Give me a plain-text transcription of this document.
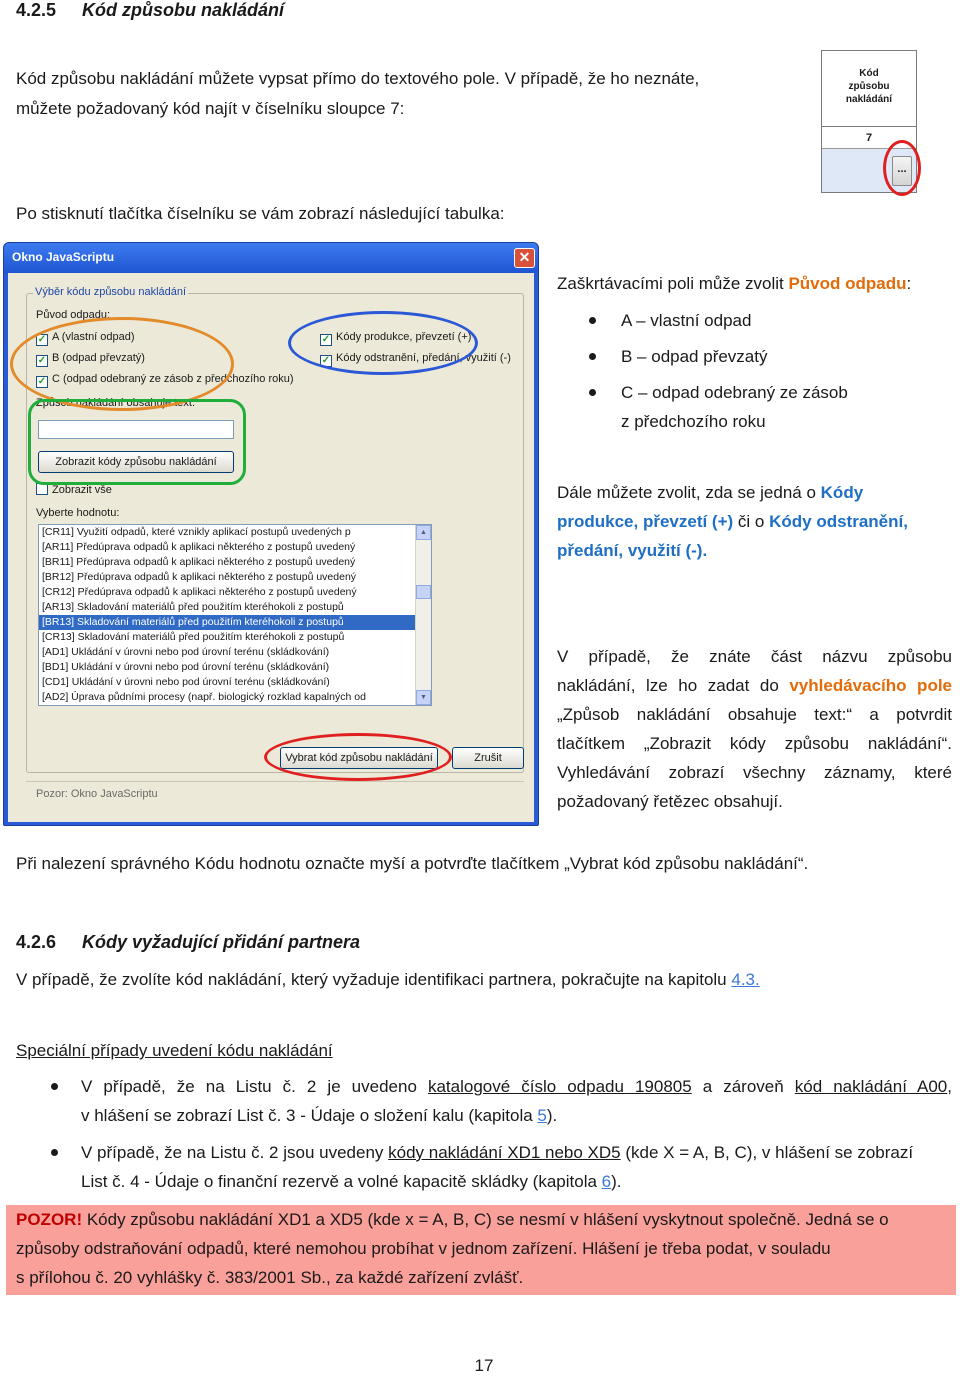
4.2.5 Kód způsobu nakládání
Kód způsobu nakládání můžete vypsat přímo do textového pole. V případě, že ho neznáte,
můžete požadovaný kód najít v číselníku sloupce 7:
Po stisknutí tlačítka číselníku se vám zobrazí následující tabulka:
Kód
způsobu
nakládání
7
...
Okno JavaScriptu	✕
Výběr kódu způsobu nakládání
Původ odpadu:
✓ A (vlastní odpad)
✓ B (odpad převzatý)
✓ C (odpad odebraný ze zásob z předchozího roku)
✓ Kódy produkce, převzetí (+)
✓ Kódy odstranění, předání, využití (-)
Způsob nakládání obsahuje text:
Zobrazit kódy způsobu nakládání
Zobrazit vše
Vyberte hodnotu:
[CR11] Využití odpadů, které vznikly aplikací postupů uvedených p
[AR11] Předúprava odpadů k aplikaci některého z postupů uvedený
[BR11] Předúprava odpadů k aplikaci některého z postupů uvedený
[BR12] Předúprava odpadů k aplikaci některého z postupů uvedený
[CR12] Předúprava odpadů k aplikaci některého z postupů uvedený
[AR13] Skladování materiálů před použitím kteréhokoli z postupů
[BR13] Skladování materiálů před použitím kteréhokoli z postupů
[CR13] Skladování materiálů před použitím kteréhokoli z postupů
[AD1] Ukládání v úrovni nebo pod úrovní terénu (skládkování)
[BD1] Ukládání v úrovni nebo pod úrovní terénu (skládkování)
[CD1] Ukládání v úrovni nebo pod úrovní terénu (skládkování)
[AD2] Úprava půdními procesy (např. biologický rozklad kapalných od
▲
▼
Vybrat kód způsobu nakládání	Zrušit
Pozor: Okno JavaScriptu
Zaškrtávacími poli může zvolit Původ odpadu:
A – vlastní odpad
B – odpad převzatý
C – odpad odebraný ze zásob
z předchozího roku
Dále můžete zvolit, zda se jedná o Kódy
produkce, převzetí (+) či o Kódy odstranění,
předání, využití (-).
V případě, že znáte část názvu způsobu
nakládání, lze ho zadat do vyhledávacího pole
„Způsob nakládání obsahuje text:“ a potvrdit
tlačítkem „Zobrazit kódy způsobu nakládání“.
Vyhledávání zobrazí všechny záznamy, které
požadovaný řetězec obsahují.
Při nalezení správného Kódu hodnotu označte myší a potvrďte tlačítkem „Vybrat kód způsobu nakládání“.
4.2.6 Kódy vyžadující přidání partnera
V případě, že zvolíte kód nakládání, který vyžaduje identifikaci partnera, pokračujte na kapitolu 4.3.
Speciální případy uvedení kódu nakládání
V případě, že na Listu č. 2 je uvedeno katalogové číslo odpadu 190805 a zároveň kód nakládání A00,
v hlášení se zobrazí List č. 3 - Údaje o složení kalu (kapitola 5).
V případě, že na Listu č. 2 jsou uvedeny kódy nakládání XD1 nebo XD5 (kde X = A, B, C), v hlášení se zobrazí
List č. 4 - Údaje o finanční rezervě a volné kapacitě skládky (kapitola 6).
POZOR! Kódy způsobu nakládání XD1 a XD5 (kde x = A, B, C) se nesmí v hlášení vyskytnout společně. Jedná se o
způsoby odstraňování odpadů, které nemohou probíhat v jednom zařízení. Hlášení je třeba podat, v souladu
s přílohou č. 20 vyhlášky č. 383/2001 Sb., za každé zařízení zvlášť.
17
